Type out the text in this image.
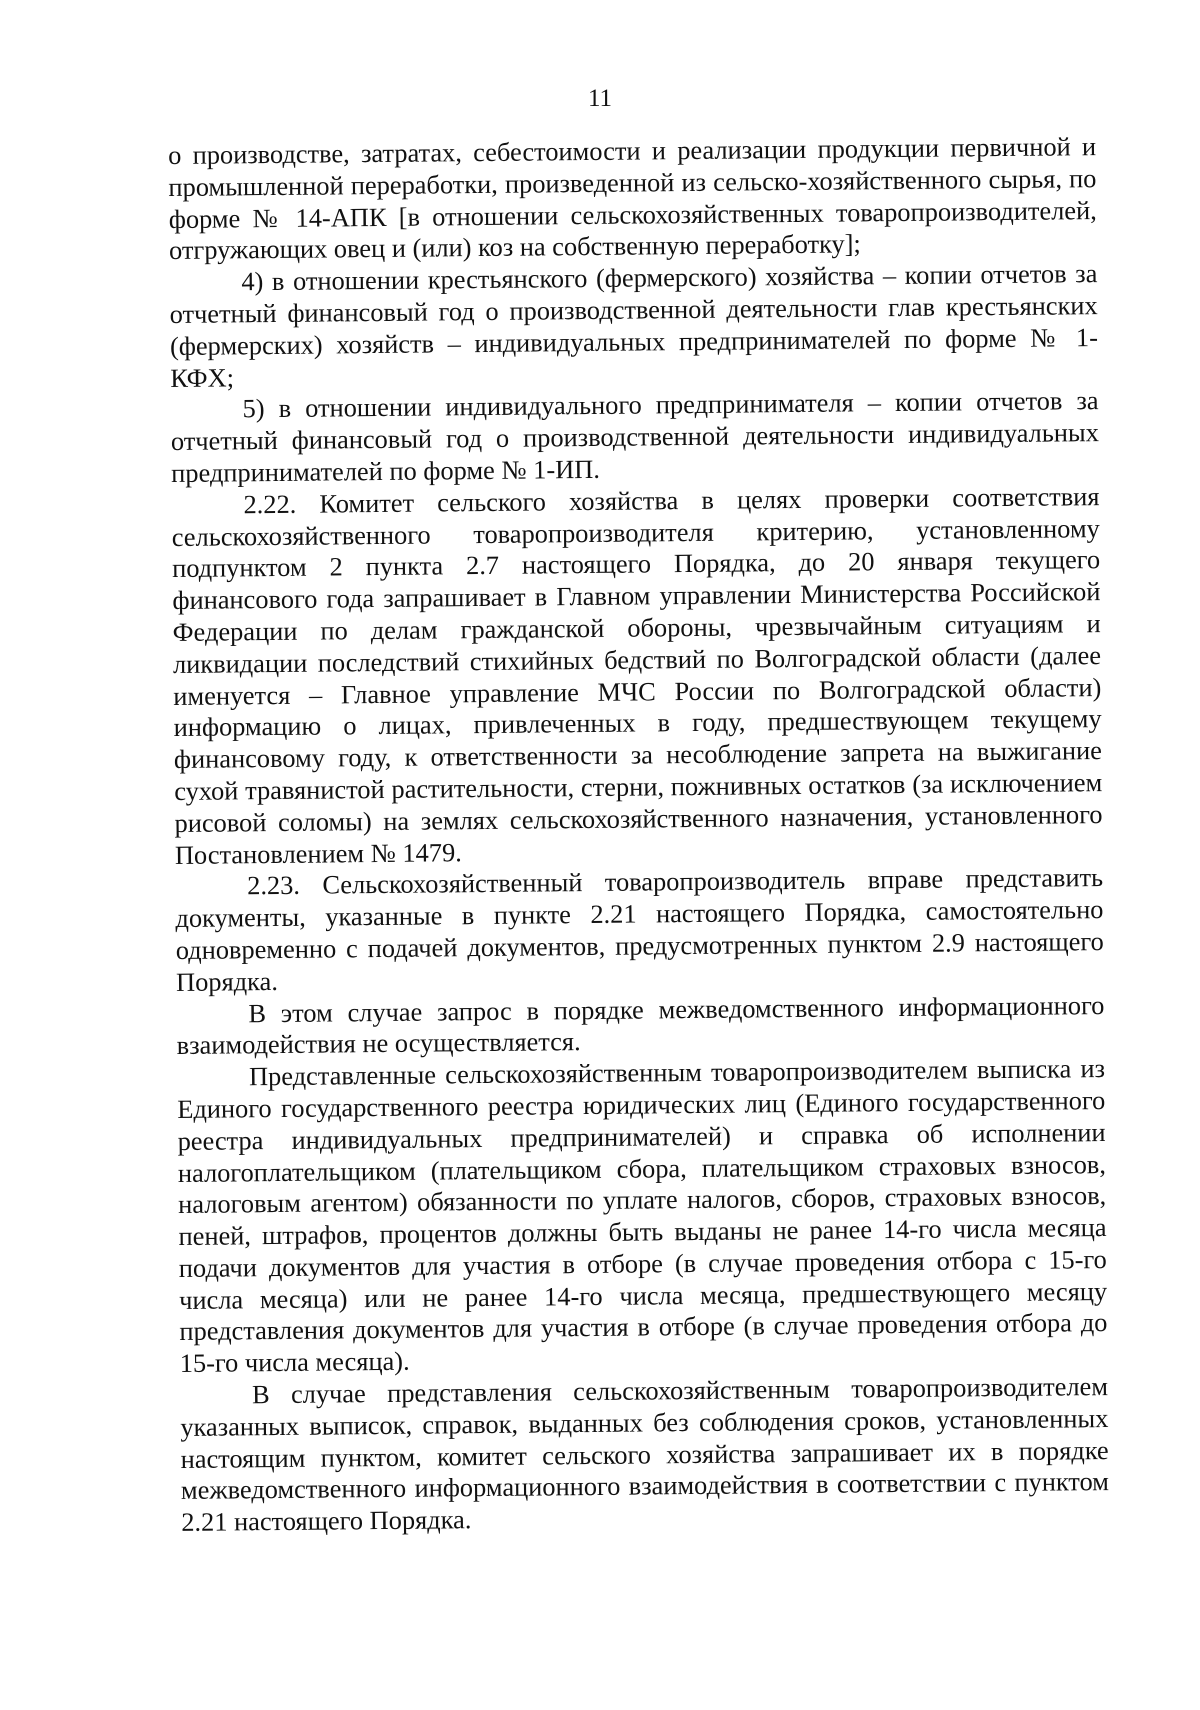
11

о производстве, затратах, себестоимости и реализации продукции первичной и промышленной переработки, произведенной из сельско-хозяйственного сырья, по форме № 14-АПК [в отношении сельскохозяйственных товаропроизводителей, отгружающих овец и (или) коз на собственную переработку];

4) в отношении крестьянского (фермерского) хозяйства – копии отчетов за отчетный финансовый год о производственной деятельности глав крестьянских (фермерских) хозяйств – индивидуальных предпринимателей по форме № 1-КФХ;

5) в отношении индивидуального предпринимателя – копии отчетов за отчетный финансовый год о производственной деятельности индивидуальных предпринимателей по форме № 1-ИП.

2.22. Комитет сельского хозяйства в целях проверки соответствия сельскохозяйственного товаропроизводителя критерию, установленному подпунктом 2 пункта 2.7 настоящего Порядка, до 20 января текущего финансового года запрашивает в Главном управлении Министерства Российской Федерации по делам гражданской обороны, чрезвычайным ситуациям и ликвидации последствий стихийных бедствий по Волгоградской области (далее именуется – Главное управление МЧС России по Волгоградской области) информацию о лицах, привлеченных в году, предшествующем текущему финансовому году, к ответственности за несоблюдение запрета на выжигание сухой травянистой растительности, стерни, пожнивных остатков (за исключением рисовой соломы) на землях сельскохозяйственного назначения, установленного Постановлением № 1479.

2.23. Сельскохозяйственный товаропроизводитель вправе представить документы, указанные в пункте 2.21 настоящего Порядка, самостоятельно одновременно с подачей документов, предусмотренных пунктом 2.9 настоящего Порядка.

В этом случае запрос в порядке межведомственного информационного взаимодействия не осуществляется.

Представленные сельскохозяйственным товаропроизводителем выписка из Единого государственного реестра юридических лиц (Единого государственного реестра индивидуальных предпринимателей) и справка об исполнении налогоплательщиком (плательщиком сбора, плательщиком страховых взносов, налоговым агентом) обязанности по уплате налогов, сборов, страховых взносов, пеней, штрафов, процентов должны быть выданы не ранее 14-го числа месяца подачи документов для участия в отборе (в случае проведения отбора с 15-го числа месяца) или не ранее 14-го числа месяца, предшествующего месяцу представления документов для участия в отборе (в случае проведения отбора до 15-го числа месяца).

В случае представления сельскохозяйственным товаропроизводителем указанных выписок, справок, выданных без соблюдения сроков, установленных настоящим пунктом, комитет сельского хозяйства запрашивает их в порядке межведомственного информационного взаимодействия в соответствии с пунктом 2.21 настоящего Порядка.
